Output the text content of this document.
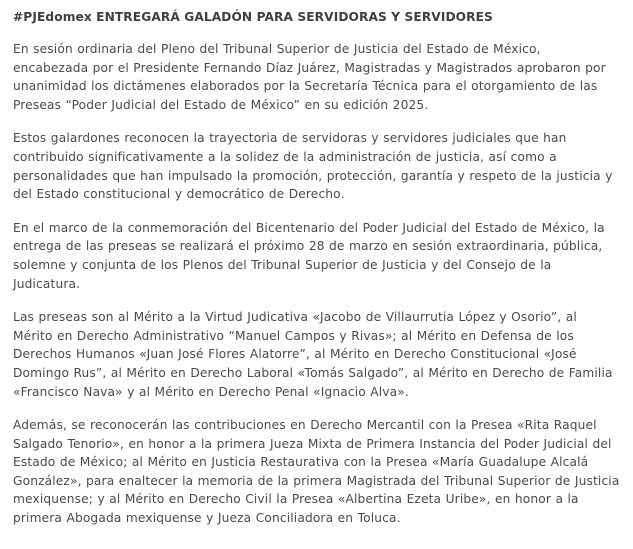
#PJEdomex ENTREGARÁ GALADÓN PARA SERVIDORAS Y SERVIDORES

En sesión ordinaria del Pleno del Tribunal Superior de Justicia del Estado de México, encabezada por el Presidente Fernando Díaz Juárez, Magistradas y Magistrados aprobaron por unanimidad los dictámenes elaborados por la Secretaría Técnica para el otorgamiento de las Preseas “Poder Judicial del Estado de México” en su edición 2025.

Estos galardones reconocen la trayectoria de servidoras y servidores judiciales que han contribuido significativamente a la solidez de la administración de justicia, así como a personalidades que han impulsado la promoción, protección, garantía y respeto de la justicia y del Estado constitucional y democrático de Derecho.

En el marco de la conmemoración del Bicentenario del Poder Judicial del Estado de México, la entrega de las preseas se realizará el próximo 28 de marzo en sesión extraordinaria, pública, solemne y conjunta de los Plenos del Tribunal Superior de Justicia y del Consejo de la Judicatura.

Las preseas son al Mérito a la Virtud Judicativa «Jacobo de Villaurrutia López y Osorio”, al Mérito en Derecho Administrativo “Manuel Campos y Rivas»; al Mérito en Defensa de los Derechos Humanos «Juan José Flores Alatorre”, al Mérito en Derecho Constitucional «José Domingo Rus”, al Mérito en Derecho Laboral «Tomás Salgado”, al Mérito en Derecho de Familia «Francisco Nava» y al Mérito en Derecho Penal «Ignacio Alva».

Además, se reconocerán las contribuciones en Derecho Mercantil con la Presea «Rita Raquel Salgado Tenorio», en honor a la primera Jueza Mixta de Primera Instancia del Poder Judicial del Estado de México; al Mérito en Justicia Restaurativa con la Presea «María Guadalupe Alcalá González», para enaltecer la memoria de la primera Magistrada del Tribunal Superior de Justicia mexiquense; y al Mérito en Derecho Civil la Presea «Albertina Ezeta Uribe», en honor a la primera Abogada mexiquense y Jueza Conciliadora en Toluca.
